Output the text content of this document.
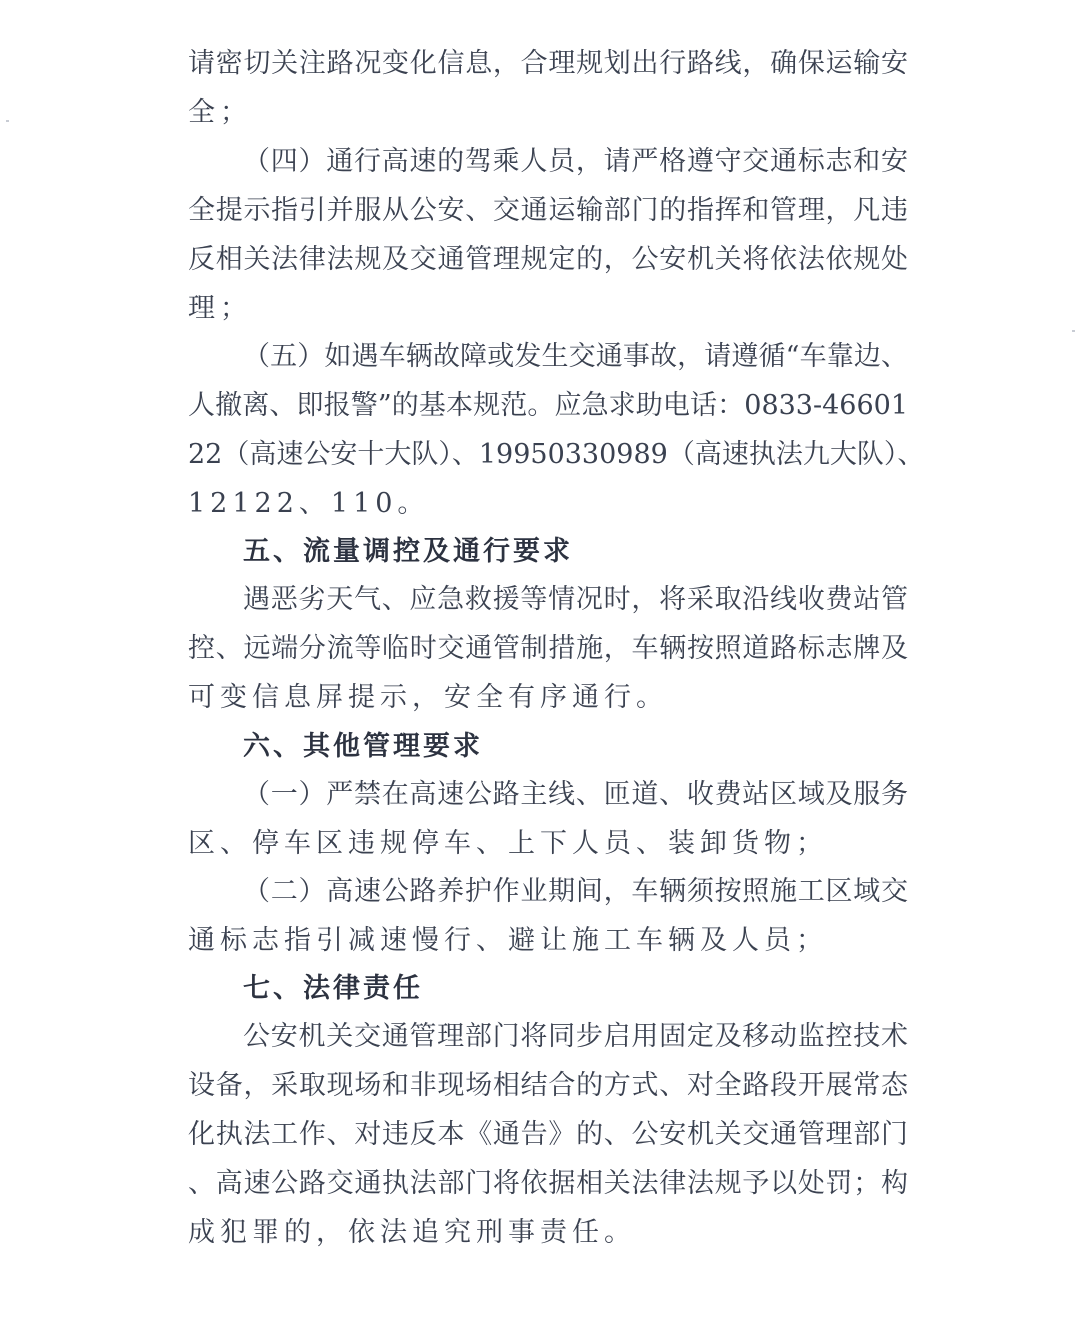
请密切关注路况变化信息，合理规划出行路线，确保运输安
全；
（四）通行高速的驾乘人员，请严格遵守交通标志和安
全提示指引并服从公安、交通运输部门的指挥和管理，凡违
反相关法律法规及交通管理规定的，公安机关将依法依规处
理；
（五）如遇车辆故障或发生交通事故，请遵循“车靠边、
人撤离、即报警”的基本规范。应急求助电话：0833-46601
22（高速公安十大队）、19950330989（高速执法九大队）、
12122、110。
五、流量调控及通行要求
遇恶劣天气、应急救援等情况时，将采取沿线收费站管
控、远端分流等临时交通管制措施，车辆按照道路标志牌及
可变信息屏提示，安全有序通行。
六、其他管理要求
（一）严禁在高速公路主线、匝道、收费站区域及服务
区、停车区违规停车、上下人员、装卸货物；
（二）高速公路养护作业期间，车辆须按照施工区域交
通标志指引减速慢行、避让施工车辆及人员；
七、法律责任
公安机关交通管理部门将同步启用固定及移动监控技术
设备，采取现场和非现场相结合的方式、对全路段开展常态
化执法工作、对违反本《通告》的、公安机关交通管理部门
、高速公路交通执法部门将依据相关法律法规予以处罚；构
成犯罪的，依法追究刑事责任。
